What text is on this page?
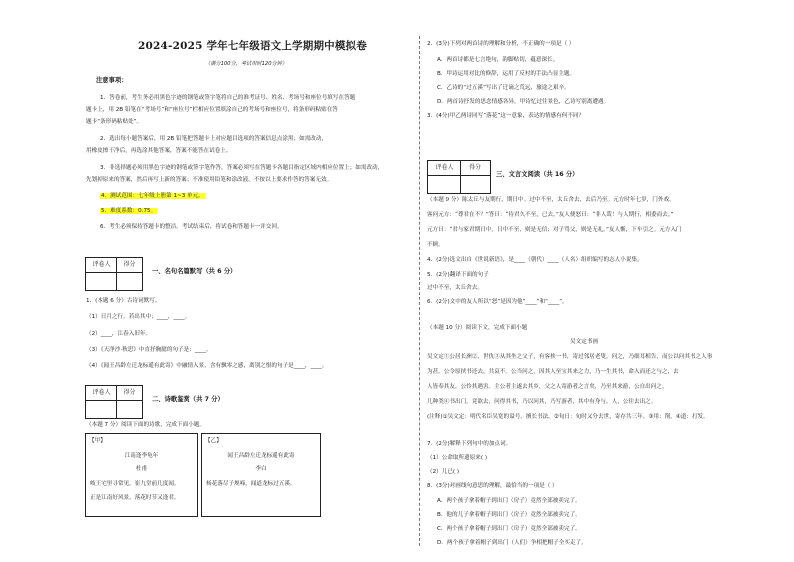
2024-2025 学年七年级语文上学期期中模拟卷
（满分100分，考试用时120分钟）
注意事项：
1．答卷前，考生务必用黑色字迹的钢笔或签字笔将自己的准考证号、姓名、考场号和座位号填写在答题
题卡上，用 2B 铅笔在“考场号”和“座位号”栏相应位置填涂自己的考场号和座位号，将条形码粘贴在答
题卡“条形码粘贴处”。
2．选出每小题答案后，用 2B 铅笔把答题卡上对应题目选项的答案信息点涂黑；如需改动，
用橡皮擦干净后，再选涂其他答案，答案不能答在试卷上。
3．非选择题必须用黑色字迹的钢笔或签字笔作答，答案必须写在答题卡各题目指定区域内相应位置上；如需改动，
先划掉原来的答案，然后再写上新的答案；不准使用铅笔和涂改液。不按以上要求作答的答案无效。
4．测试范围：七年级上册第 1~3 单元。
5．难度系数：0.75。
6．考生必须保持答题卡的整洁。考试结束后，将试卷和答题卡一并交回。
评卷人	得分
一、名句名篇默写（共 6 分）
1．(本题 6 分）古诗词默写。
（1）日月之行，若出其中；____，____。
（2）____，江春入旧年。
（3）《天净沙·秋思》中直抒胸臆的句子是：____。
（4）《闻王昌龄左迁龙标遥有此寄》中融情入景，含有飘零之感，离别之恨的句子是____，____。
评卷人	得分
二、诗歌鉴赏（共 7 分）
（本题 7 分）阅读下面的诗歌，完成下面小题。
【甲】
江南逢李龟年
杜甫
岐王宅里寻常见，崔九堂前几度闻。
正是江南好风景，落花时节又逢君。
【乙】
闻王昌龄左迁龙标遥有此寄
李白
杨花落尽子规啼，闻道龙标过五溪。
2．(3分)下列对两首诗的理解和分析，不正确的一项是（ ）
A．两首诗都是七言绝句，韵脚贴切，蕴意深长。
B．甲诗运用对比的修辞，运用了反衬的手法凸显主题。
C．乙诗的“过五溪”写出了迁谪之荒远，旅途之艰辛。
D．两首诗抒发的思念情感各异，甲诗忆过往景色，乙诗写别离遭遇。
3．(4分)甲乙两诗同写“落花”这一意象，表达的情感有何不同？
评卷人	得分
三、文言文阅读（共 16 分）
（本题 9 分）陈太丘与友期行，期日中。过中不至，太丘舍去，去后乃至。元方时年七岁，门外戏。
客问元方：“尊君在不？”答曰：“待君久不至，已去。”友人便怒曰：“非人哉！与人期行，相委而去。”
元方曰：“君与家君期日中。日中不至，则是无信；对子骂父，则是无礼。”友人惭，下车引之。元方入门
不顾。
4．(2分)选文出自《世说新语》，是____（朝代）____（人名）组织编写的志人小说集。
5．(2分)翻译下面的句子
过中不至，太丘舍去。
6．(2分)文中的友人所以“怒”是因为他“____”和“____”。
（本题 10 分）阅读下文，完成下面小题
吴文定书画
吴文定①公居长洲②，世仇③从其坐之父子，有客挟一书，寄过邻居老叟，问之，乃细耳相告，而公以问其书之人事
为甚。公令原挟书还去，共哀不。公当问之，因其人至宝其来之力，乃一生其书，命入而还之与之，去
人皆奉其友，公怜其遇害。主公者主遂去其乡，父之人寄游者之言矣，乃至其来游，公自出问之。
几种类④书出门，竟欲去，问得其书，乃以问其，乃写游者，其中有身与，人，公往去出之。
(注释)①吴文定：明代名臣吴宽的谥号，擅长书法。②旬日：旬时又分去世，寄存共三年。③用：削。④道：打发。
7．(2分)解释下列句中的加点词。
（1）公命取所遗原来( )
（2）儿已( )
8．(3分)对画线句意思的理解，最恰当的一项是（ ）
A．两个孩子拿着帽子到出门（房子）竟然全部被卖完了。
B．他的儿子拿着帽子到出门（房子）竟然全部被卖完了。
C．两个孩子拿着帽子到出门（房子）竟然全部被卖完了。
D．两个孩子拿着帽子到出门（人们）争相把帽子全买走了。
